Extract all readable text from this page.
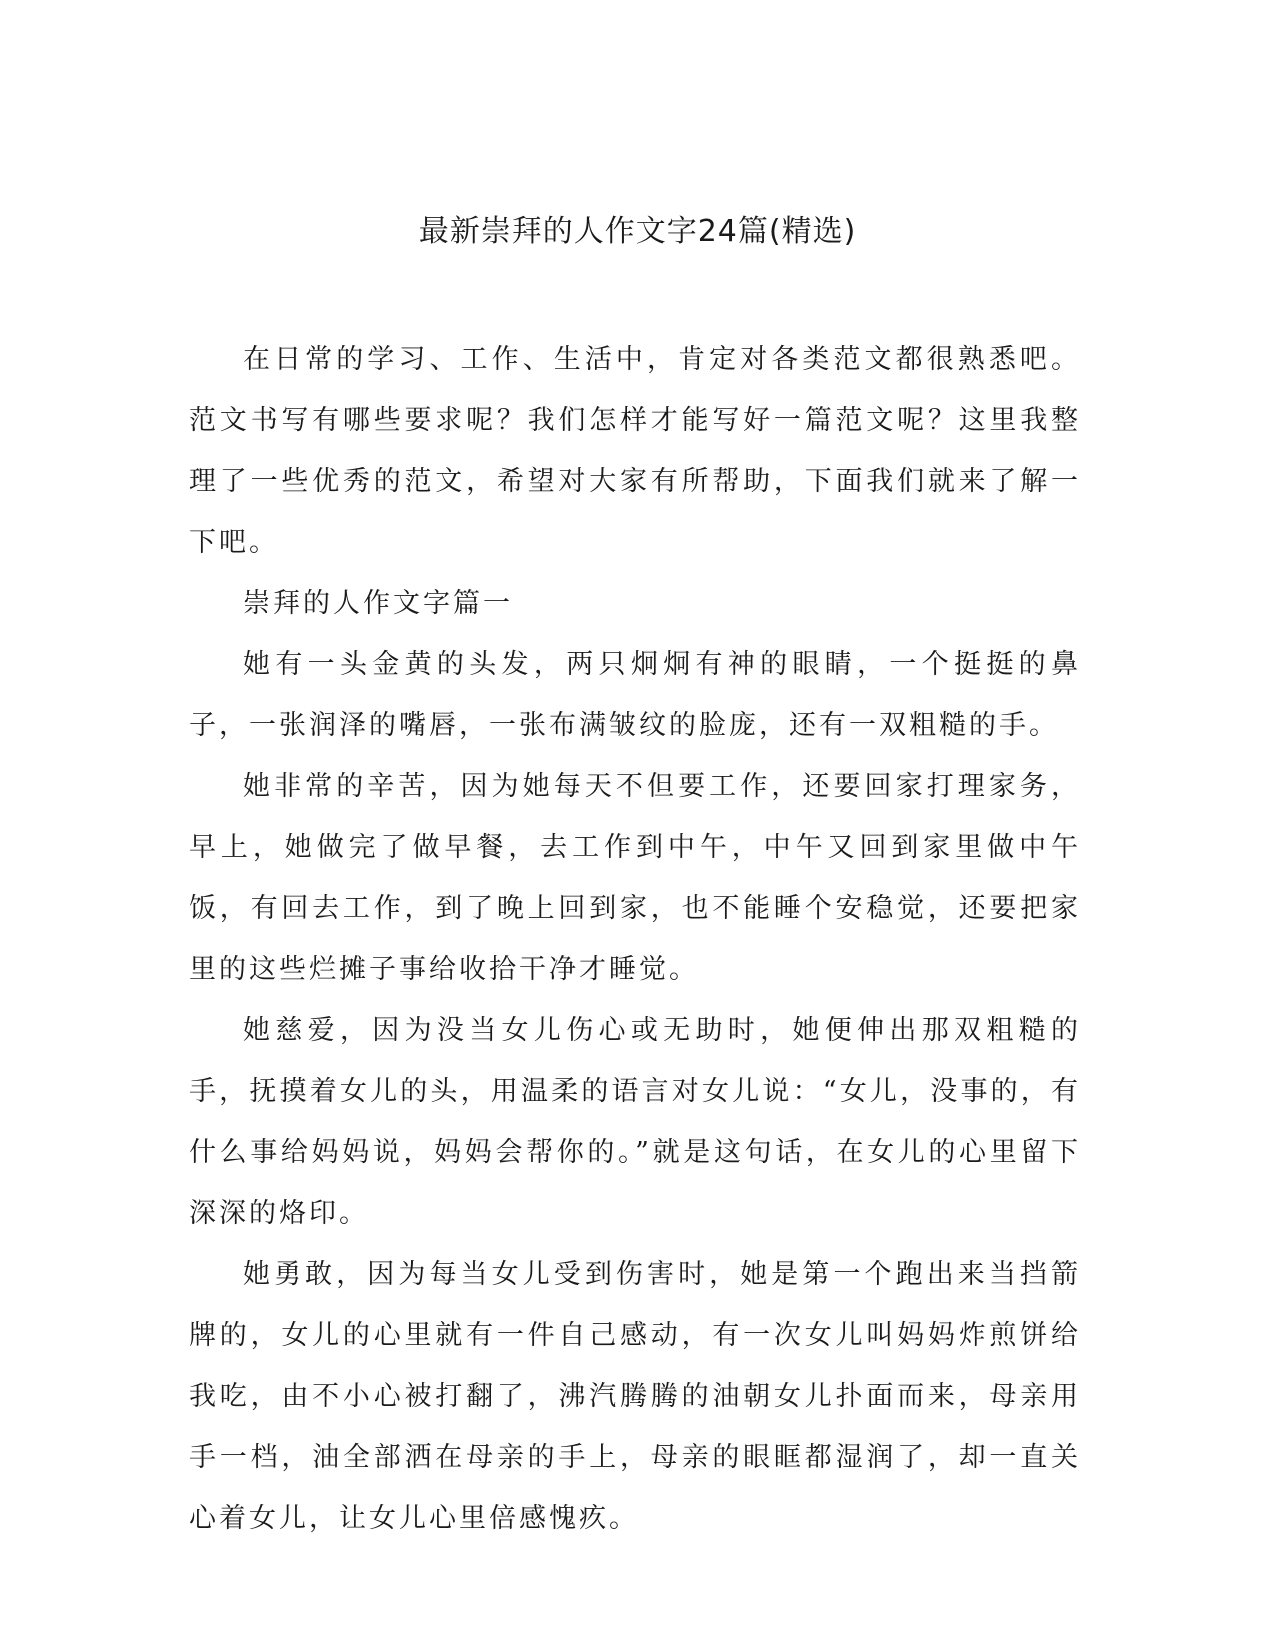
最新崇拜的人作文字24篇(精选)

在日常的学习、工作、生活中，肯定对各类范文都很熟悉吧。范文书写有哪些要求呢？我们怎样才能写好一篇范文呢？这里我整理了一些优秀的范文，希望对大家有所帮助，下面我们就来了解一下吧。

崇拜的人作文字篇一

她有一头金黄的头发，两只炯炯有神的眼睛，一个挺挺的鼻子，一张润泽的嘴唇，一张布满皱纹的脸庞，还有一双粗糙的手。

她非常的辛苦，因为她每天不但要工作，还要回家打理家务，早上，她做完了做早餐，去工作到中午，中午又回到家里做中午饭，有回去工作，到了晚上回到家，也不能睡个安稳觉，还要把家里的这些烂摊子事给收拾干净才睡觉。

她慈爱，因为没当女儿伤心或无助时，她便伸出那双粗糙的手，抚摸着女儿的头，用温柔的语言对女儿说：“女儿，没事的，有什么事给妈妈说，妈妈会帮你的。”就是这句话，在女儿的心里留下深深的烙印。

她勇敢，因为每当女儿受到伤害时，她是第一个跑出来当挡箭牌的，女儿的心里就有一件自己感动，有一次女儿叫妈妈炸煎饼给我吃，由不小心被打翻了，沸汽腾腾的油朝女儿扑面而来，母亲用手一档，油全部洒在母亲的手上，母亲的眼眶都湿润了，却一直关心着女儿，让女儿心里倍感愧疚。
